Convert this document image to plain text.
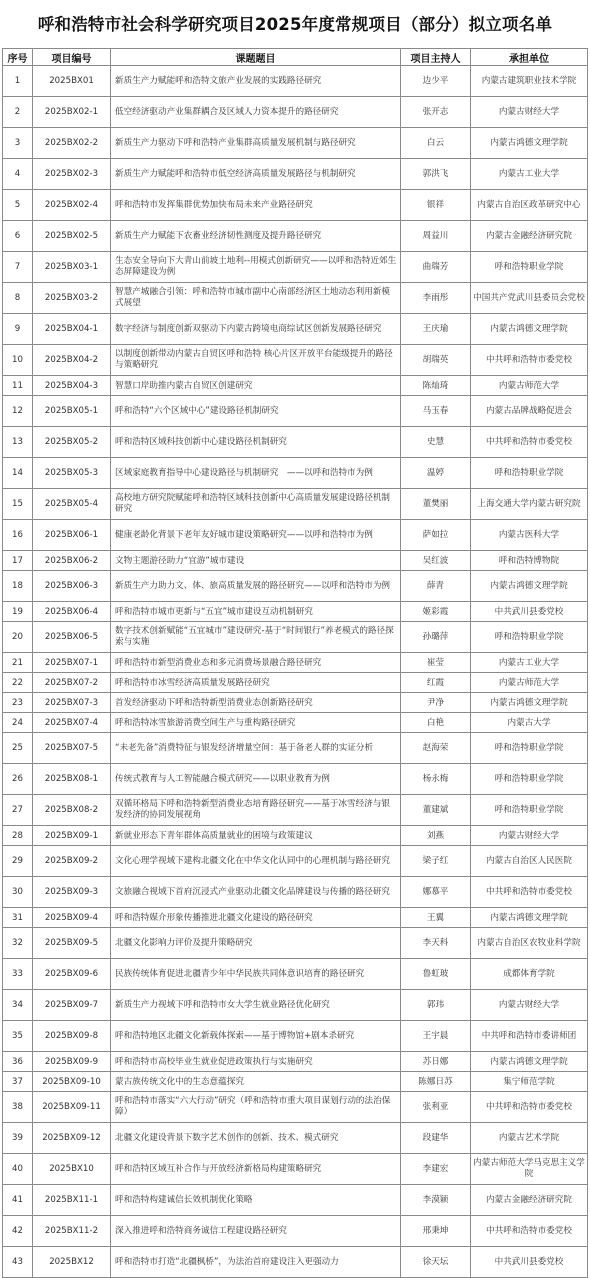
呼和浩特市社会科学研究项目2025年度常规项目（部分）拟立项名单
序号	项目编号	课题题目	项目主持人	承担单位
1	2025BX01	新质生产力赋能呼和浩特文旅产业发展的实践路径研究	边少平	内蒙古建筑职业技术学院
2	2025BX02-1	低空经济驱动产业集群耦合及区域人力资本提升的路径研究	张开志	内蒙古财经大学
3	2025BX02-2	新质生产力驱动下呼和浩特产业集群高质量发展机制与路径研究	白云	内蒙古鸿德文理学院
4	2025BX02-3	新质生产力赋能呼和浩特市低空经济高质量发展路径与机制研究	郭洪飞	内蒙古工业大学
5	2025BX02-4	呼和浩特市发挥集群优势加快布局未来产业路径研究	银祥	内蒙古自治区政革研究中心
6	2025BX02-5	新质生产力赋能下农畜业经济韧性测度及提升路径研究	周益川	内蒙古金融经济研究院
7	2025BX03-1	生态安全导向下大青山前坡土地利--用模式创新研究——以呼和浩特近郊生态屏障建设为例	曲瑞芳	呼和浩特职业学院
8	2025BX03-2	智慧产城融合引领：呼和浩特市城市副中心南部经济区土地动态利用新模式展望	李雨彤	中国共产党武川县委员会党校
9	2025BX04-1	数字经济与制度创新双驱动下内蒙古跨境电商综试区创新发展路径研究	王庆瑜	内蒙古鸿德文理学院
10	2025BX04-2	以制度创新带动内蒙古自贸区呼和浩特 核心片区开放平台能级提升的路径与策略研究	胡瑞英	中共呼和浩特市委党校
11	2025BX04-3	智慧口岸助推内蒙古自贸区创建研究	陈灿琦	内蒙古师范大学
12	2025BX05-1	呼和浩特“六个区域中心”建设路径机制研究	马玉春	内蒙古品牌战略促进会
13	2025BX05-2	呼和浩特区域科技创新中心建设路径机制研究	史慧	中共呼和浩特市委党校
14	2025BX05-3	区域家庭教育指导中心建设路径与机制研究　——以呼和浩特市为例	温婷	呼和浩特职业学院
15	2025BX05-4	高校地方研究院赋能呼和浩特区域科技创新中心高质量发展建设路径机制研究	董樊丽	上海交通大学内蒙古研究院
16	2025BX06-1	健康老龄化背景下老年友好城市建设策略研究——以呼和浩特市为例	萨如拉	内蒙古医科大学
17	2025BX06-2	文物主题游径助力“宜游”城市建设	吴红波	呼和浩特博物院
18	2025BX06-3	新质生产力助力文、体、旅高质量发展的路径研究——以呼和浩特市为例	薛青	内蒙古鸿德文理学院
19	2025BX06-4	呼和浩特市城市更新与“五宜”城市建设互动机制研究	姬彩霞	中共武川县委党校
20	2025BX06-5	数字技术创新赋能“五宜城市”建设研究-基于“时间银行”养老模式的路径探索与实施	孙璐萍	呼和浩特职业学院
21	2025BX07-1	呼和浩特市新型消费业态和多元消费场景融合路径研究	崔莹	内蒙古工业大学
22	2025BX07-2	呼和浩特市冰雪经济高质量发展路径研究	红霞	内蒙古师范大学
23	2025BX07-3	首发经济驱动下呼和浩特新型消费业态创新路径研究	尹净	内蒙古鸿德文理学院
24	2025BX07-4	呼和浩特冰雪旅游消费空间生产与重构路径研究	白艳	内蒙古大学
25	2025BX07-5	“未老先备”消费特征与银发经济增量空间：基于备老人群的实证分析	赵海荣	呼和浩特职业学院
26	2025BX08-1	传统式教育与人工智能融合模式研究——以职业教育为例	杨永梅	呼和浩特职业学院
27	2025BX08-2	双循环格局下呼和浩特新型消费业态培育路径研究——基于冰雪经济与银发经济的协同发展视角	董建斌	呼和浩特职业学院
28	2025BX09-1	新就业形态下青年群体高质量就业的困境与政策建议	刘燕	内蒙古财经大学
29	2025BX09-2	文化心理学视域下建构北疆文化在中华文化认同中的心理机制与路径研究	梁子红	内蒙古自治区人民医院
30	2025BX09-3	文旅融合视域下首府沉浸式产业驱动北疆文化品牌建设与传播的路径研究	娜慕平	中共呼和浩特市委党校
31	2025BX09-4	呼和浩特媒介形象传播推进北疆文化建设的路径研究	王翼	内蒙古鸿德文理学院
32	2025BX09-5	北疆文化影响力评价及提升策略研究	李天科	内蒙古自治区农牧业科学院
33	2025BX09-6	民族传统体育促进北疆青少年中华民族共同体意识培育的路径研究	鲁虹玻	成都体育学院
34	2025BX09-7	新质生产力视域下呼和浩特市女大学生就业路径优化研究	郭玮	内蒙古财经大学
35	2025BX09-8	呼和浩特地区北疆文化新载体探索——基于博物馆+剧本杀研究	王宇晨	中共呼和浩特市委讲师团
36	2025BX09-9	呼和浩特市高校毕业生就业促进政策执行与实施研究	苏日娜	内蒙古鸿德文理学院
37	2025BX09-10	蒙古族传统文化中的生态意蕴探究	陈娜日苏	集宁师范学院
38	2025BX09-11	呼和浩特市落实“六大行动”研究（呼和浩特市重大项目谋划行动的法治保障）	张利亚	中共呼和浩特市委党校
39	2025BX09-12	北疆文化建设背景下数字艺术创作的创新、技术、模式研究	段建华	内蒙古艺术学院
40	2025BX10	呼和浩特区域互补合作与开放经济新格局构建策略研究	李建宏	内蒙古师范大学马克思主义学院
41	2025BX11-1	呼和浩特构建诚信长效机制优化策略	李漠颖	内蒙古金融经济研究院
42	2025BX11-2	深入推进呼和浩特商务诚信工程建设路径研究	邢秉坤	中共呼和浩特市委党校
43	2025BX12	呼和浩特市打造“北疆枫桥”，为法治首府建设注入更强动力	徐天坛	中共武川县委党校
